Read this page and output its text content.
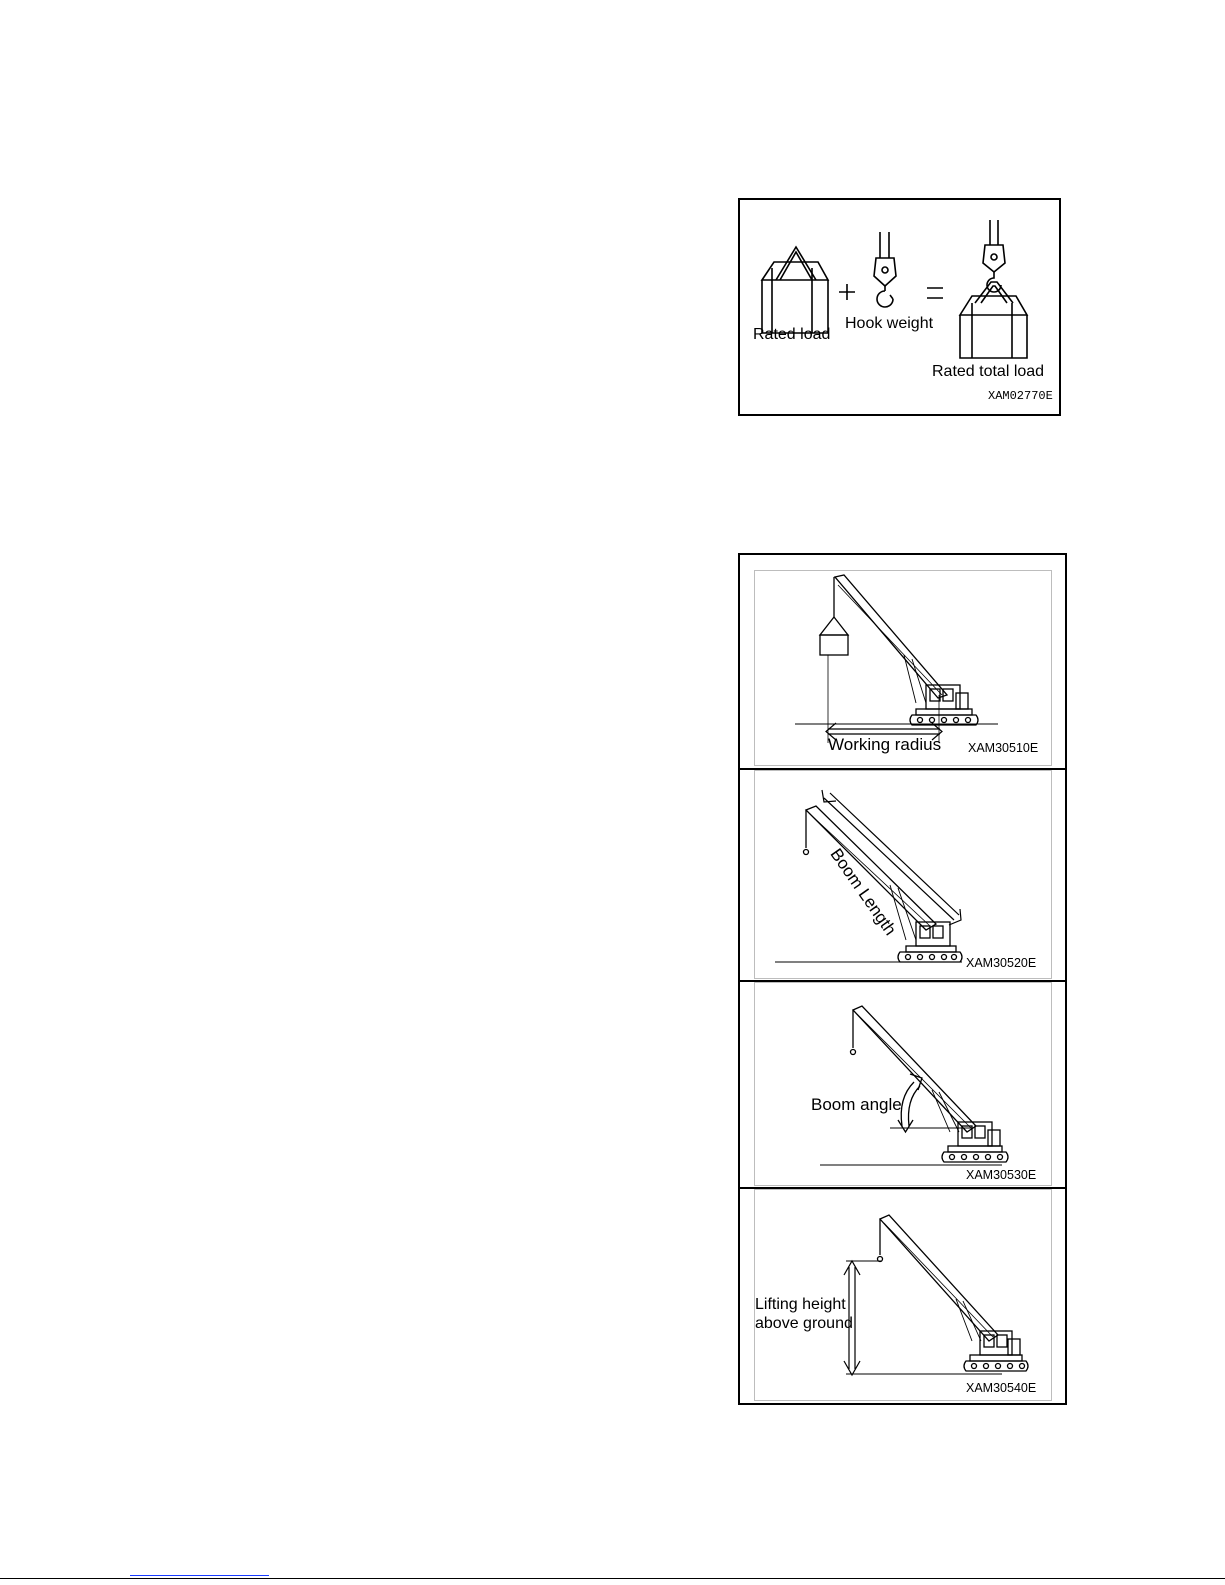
Rated load
Hook weight
Rated total load
XAM02770E
Working radius XAM30510E
Boom Length
XAM30520E
Boom angle
XAM30530E
Lifting height
above ground
XAM30540E
